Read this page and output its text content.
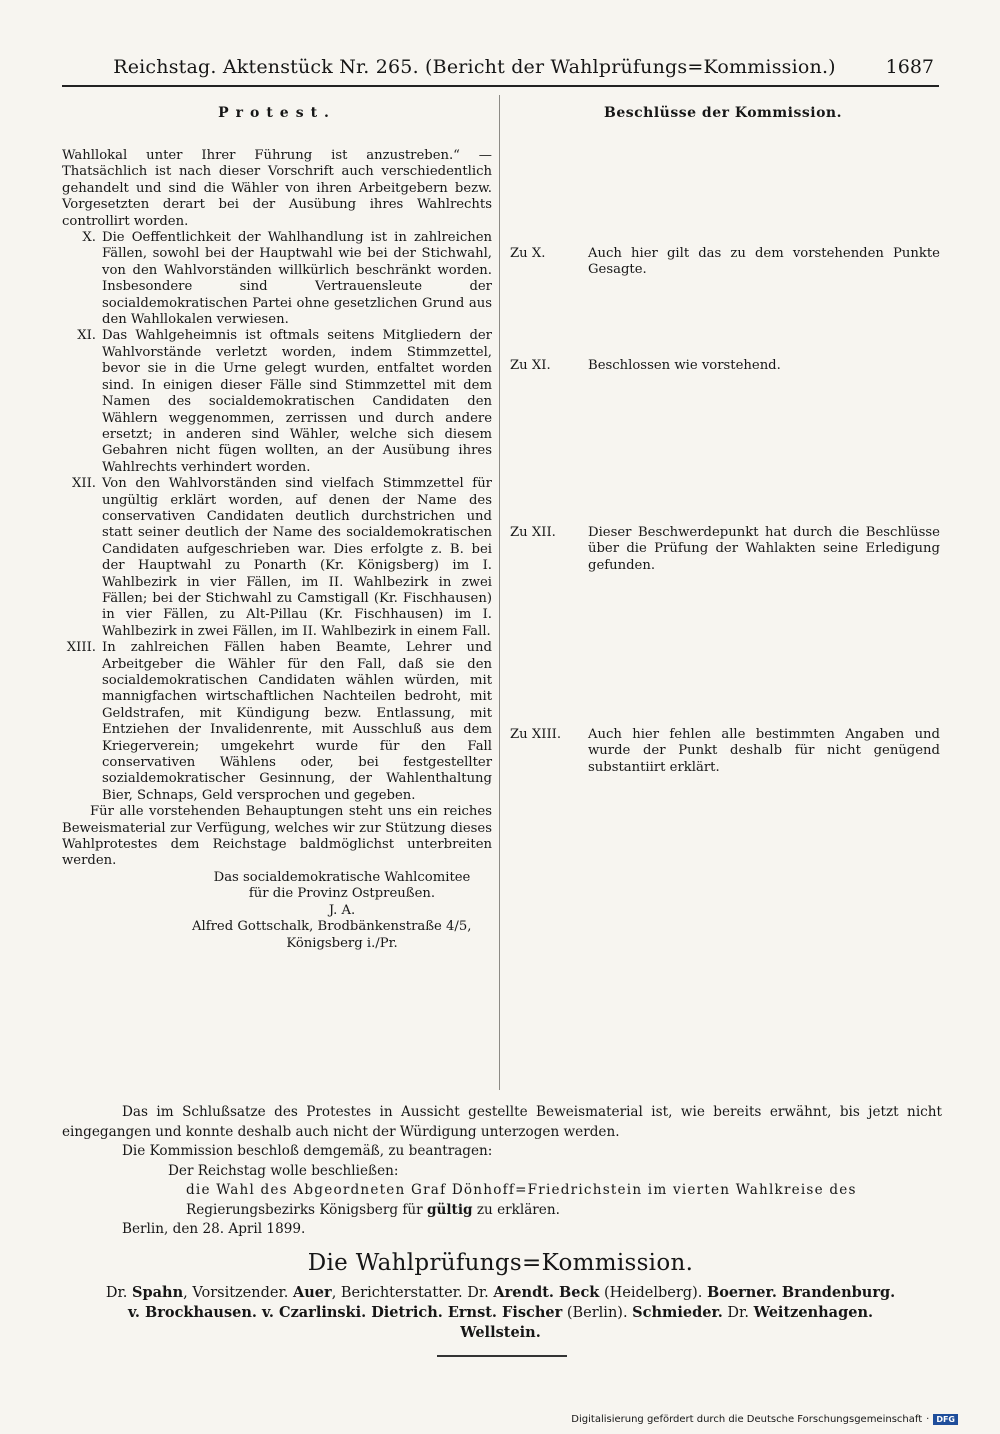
Reichstag. Aktenstück Nr. 265. (Bericht der Wahlprüfungs=Kommission.)	1687
Protest.	Beschlüsse der Kommission.

Wahllokal unter Ihrer Führung ist anzustreben.“ — Thatsächlich ist nach dieser Vorschrift auch verschiedentlich gehandelt und sind die Wähler von ihren Arbeitgebern bezw. Vorgesetzten derart bei der Ausübung ihres Wahlrechts controllirt worden.

X. Die Oeffentlichkeit der Wahlhandlung ist in zahlreichen Fällen, sowohl bei der Hauptwahl wie bei der Stichwahl, von den Wahlvorständen willkürlich beschränkt worden. Insbesondere sind Vertrauensleute der socialdemokratischen Partei ohne gesetzlichen Grund aus den Wahllokalen verwiesen.
XI. Das Wahlgeheimnis ist oftmals seitens Mitgliedern der Wahlvorstände verletzt worden, indem Stimmzettel, bevor sie in die Urne gelegt wurden, entfaltet worden sind. In einigen dieser Fälle sind Stimmzettel mit dem Namen des socialdemokratischen Candidaten den Wählern weggenommen, zerrissen und durch andere ersetzt; in anderen sind Wähler, welche sich diesem Gebahren nicht fügen wollten, an der Ausübung ihres Wahlrechts verhindert worden.
XII. Von den Wahlvorständen sind vielfach Stimmzettel für ungültig erklärt worden, auf denen der Name des conservativen Candidaten deutlich durchstrichen und statt seiner deutlich der Name des socialdemokratischen Candidaten aufgeschrieben war. Dies erfolgte z. B. bei der Hauptwahl zu Ponarth (Kr. Königsberg) im I. Wahlbezirk in vier Fällen, im II. Wahlbezirk in zwei Fällen; bei der Stichwahl zu Camstigall (Kr. Fischhausen) in vier Fällen, zu Alt-Pillau (Kr. Fischhausen) im I. Wahlbezirk in zwei Fällen, im II. Wahlbezirk in einem Fall.
XIII. In zahlreichen Fällen haben Beamte, Lehrer und Arbeitgeber die Wähler für den Fall, daß sie den socialdemokratischen Candidaten wählen würden, mit mannigfachen wirtschaftlichen Nachteilen bedroht, mit Geldstrafen, mit Kündigung bezw. Entlassung, mit Entziehen der Invalidenrente, mit Ausschluß aus dem Kriegerverein; umgekehrt wurde für den Fall conservativen Wählens oder, bei festgestellter sozialdemokratischer Gesinnung, der Wahlenthaltung Bier, Schnaps, Geld versprochen und gegeben.

Für alle vorstehenden Behauptungen steht uns ein reiches Beweismaterial zur Verfügung, welches wir zur Stützung dieses Wahlprotestes dem Reichstage baldmöglichst unterbreiten werden.

Das socialdemokratische Wahlcomitee
für die Provinz Ostpreußen.
J. A.
Alfred Gottschalk, Brodbänkenstraße 4/5,
Königsberg i./Pr.
Zu X.	Auch hier gilt das zu dem vorstehenden Punkte Gesagte.
Zu XI.	Beschlossen wie vorstehend.
Zu XII.	Dieser Beschwerdepunkt hat durch die Beschlüsse über die Prüfung der Wahlakten seine Erledigung gefunden.
Zu XIII.	Auch hier fehlen alle bestimmten Angaben und wurde der Punkt deshalb für nicht genügend substantiirt erklärt.

Das im Schlußsatze des Protestes in Aussicht gestellte Beweismaterial ist, wie bereits erwähnt, bis jetzt nicht eingegangen und konnte deshalb auch nicht der Würdigung unterzogen werden.

Die Kommission beschloß demgemäß, zu beantragen:

Der Reichstag wolle beschließen:

die Wahl des Abgeordneten Graf Dönhoff=Friedrichstein im vierten Wahlkreise des

Regierungsbezirks Königsberg für gültig zu erklären.

Berlin, den 28. April 1899.

Die Wahlprüfungs=Kommission.
Dr. Spahn, Vorsitzender. Auer, Berichterstatter. Dr. Arendt. Beck (Heidelberg). Boerner. Brandenburg.
v. Brockhausen. v. Czarlinski. Dietrich. Ernst. Fischer (Berlin). Schmieder. Dr. Weitzenhagen.
Wellstein.
Digitalisierung gefördert durch die Deutsche Forschungsgemeinschaft · DFG
